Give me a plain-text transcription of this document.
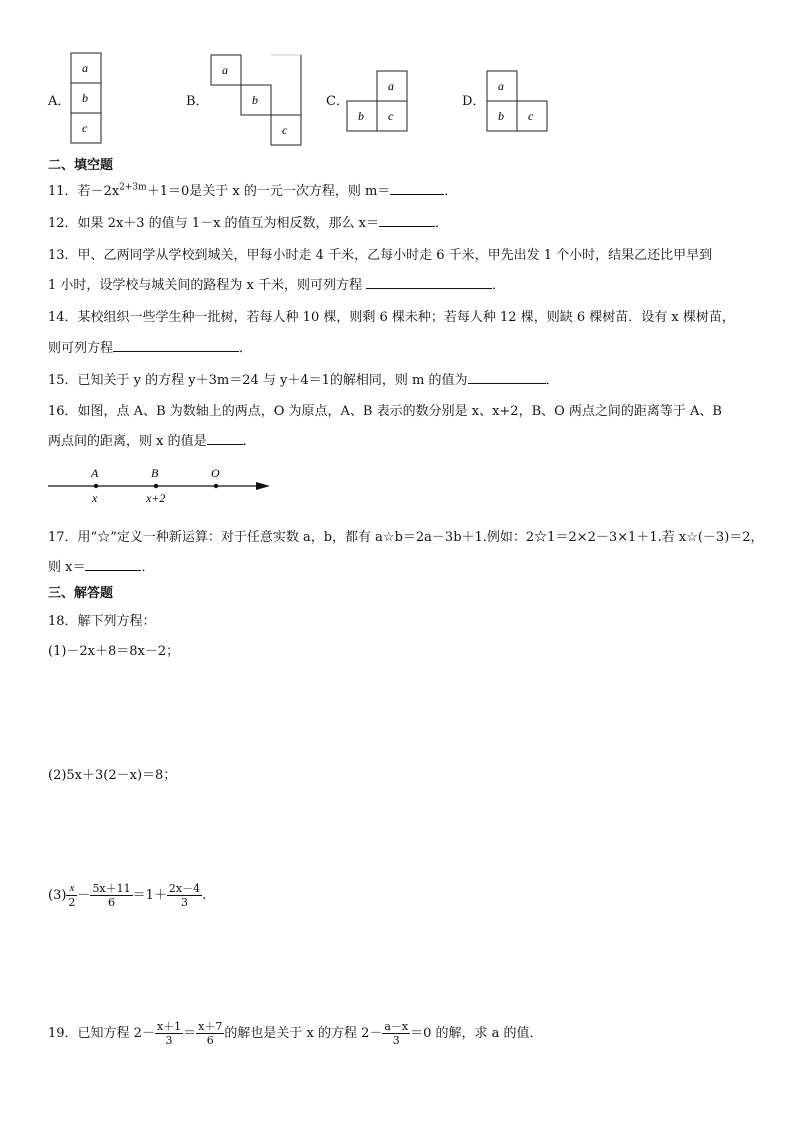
A．
a
b
c
B．
a
b
c
C．
a
b c
D．
a
b c
二、填空题
11．若$-2x^{2+3m}+1=0$是关于 x 的一元一次方程，则 m＝	．
12．如果 2x＋3 的值与 1－x 的值互为相反数，那么 x＝	．
13．甲、乙两同学从学校到城关，甲每小时走 4 千米，乙每小时走 6 千米，甲先出发 1 个小时，结果乙还比甲早到
1 小时，设学校与城关间的路程为 x 千米，则可列方程	．
14．某校组织一些学生种一批树，若每人种 10 棵，则剩 6 棵未种；若每人种 12 棵，则缺 6 棵树苗．设有 x 棵树苗，
则可列方程	．
15．已知关于 y 的方程 y＋3m＝24 与 y＋4＝1的解相同，则 m 的值为	．
16．如图，点 A、B 为数轴上的两点，O 为原点，A、B 表示的数分别是 x、x+2，B、O 两点之间的距离等于 A、B
两点间的距离，则 x 的值是	．
A	B	O
x	x+2
17．用“☆”定义一种新运算：对于任意实数 a，b，都有 a☆b＝2a－3b＋1.例如：2☆1＝2×2－3×1＋1.若 x☆(－3)＝2，
则 x＝	．
三、解答题
18．解下列方程：
(1)－2x＋8＝8x－2；
(2)5x＋3(2－x)＝8；
$(3) \frac{x}{2} - \frac{5x+11}{6} =1+ \frac{2x-4}{3}$ .
19．已知方程 $2- \frac{x+1}{3} = \frac{x+7}{6}$ 的解也是关于 x 的方程 $2- \frac{a-x}{3} =0$ 的解，求 a 的值．
